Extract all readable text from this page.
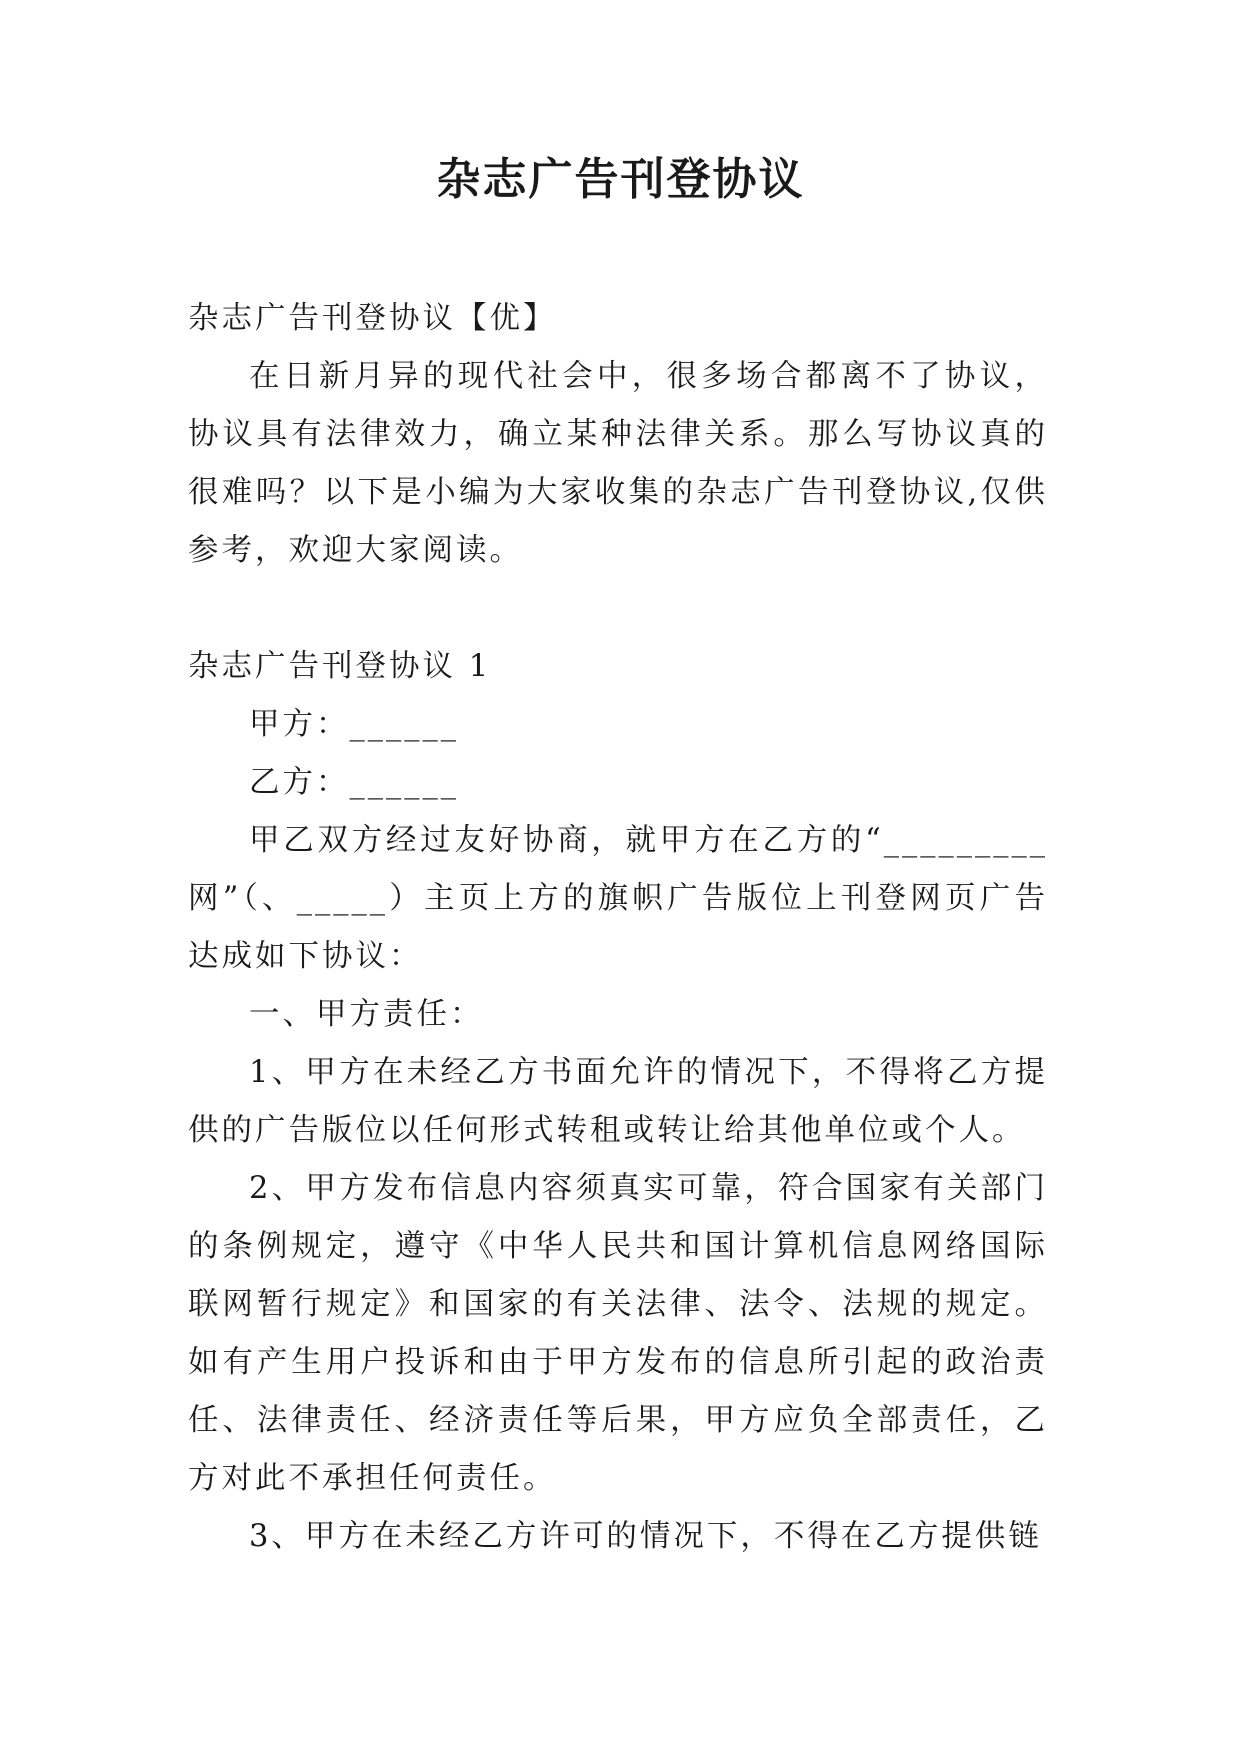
杂志广告刊登协议

杂志广告刊登协议【优】

在日新月异的现代社会中，很多场合都离不了协议，协议具有法律效力，确立某种法律关系。那么写协议真的很难吗？以下是小编为大家收集的杂志广告刊登协议,仅供参考，欢迎大家阅读。

杂志广告刊登协议 1

甲方：______

乙方：______

甲乙双方经过友好协商，就甲方在乙方的“_________网”（、_____）主页上方的旗帜广告版位上刊登网页广告达成如下协议：

一、甲方责任：

1、甲方在未经乙方书面允许的情况下，不得将乙方提供的广告版位以任何形式转租或转让给其他单位或个人。

2、甲方发布信息内容须真实可靠，符合国家有关部门的条例规定，遵守《中华人民共和国计算机信息网络国际联网暂行规定》和国家的有关法律、法令、法规的规定。如有产生用户投诉和由于甲方发布的信息所引起的政治责任、法律责任、经济责任等后果，甲方应负全部责任，乙方对此不承担任何责任。

3、甲方在未经乙方许可的情况下，不得在乙方提供链
